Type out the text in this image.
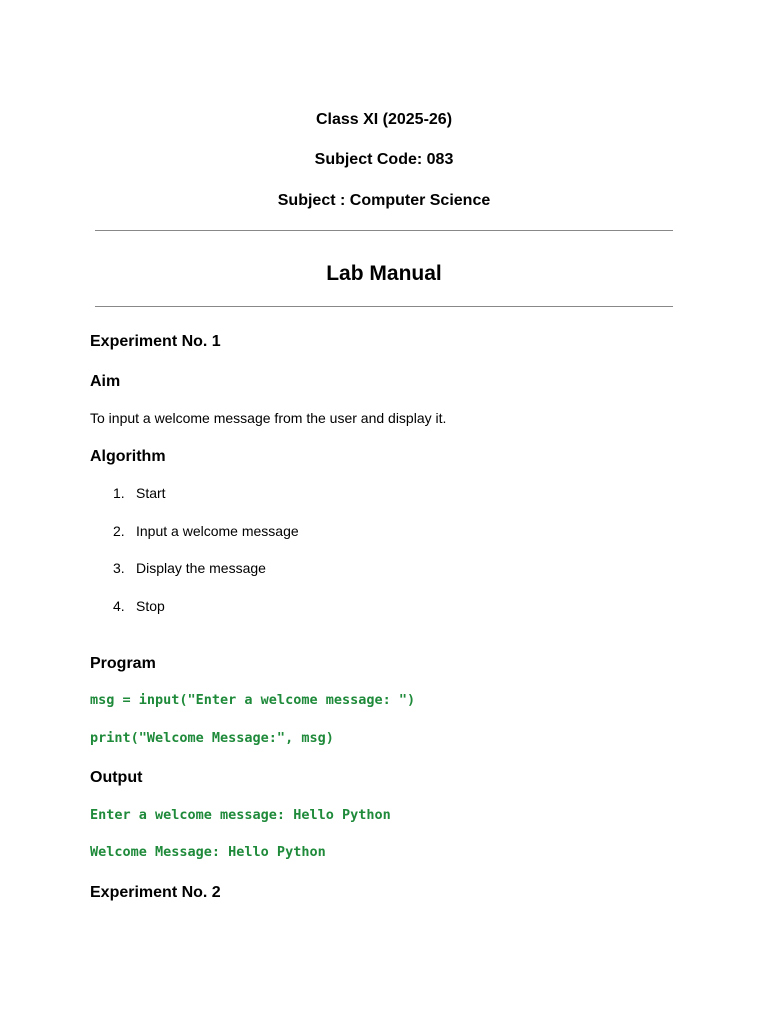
Class XI (2025-26)
Subject Code: 083
Subject : Computer Science
Lab Manual
Experiment No. 1
Aim
To input a welcome message from the user and display it.
Algorithm
1. Start
2. Input a welcome message
3. Display the message
4. Stop
Program
msg = input("Enter a welcome message: ")
print("Welcome Message:", msg)
Output
Enter a welcome message: Hello Python
Welcome Message: Hello Python
Experiment No. 2
